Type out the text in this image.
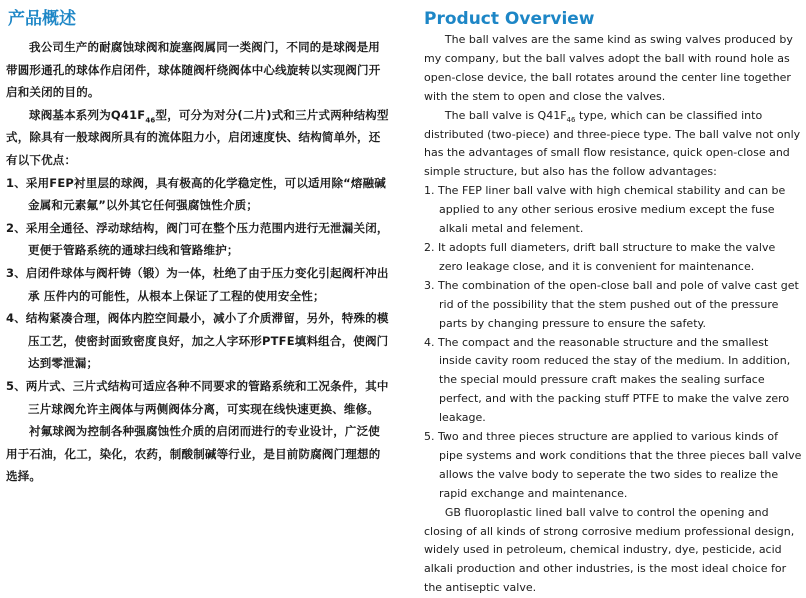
产品概述

我公司生产的耐腐蚀球阀和旋塞阀属同一类阀门，不同的是球阀是用带圆形通孔的球体作启闭件，球体随阀杆绕阀体中心线旋转以实现阀门开启和关闭的目的。

球阀基本系列为$Q41F_{46}$型，可分为对分(二片)式和三片式两种结构型式，除具有一般球阀所具有的流体阻力小，启闭速度快、结构简单外，还有以下优点：

1、采用FEP衬里层的球阀，具有极高的化学稳定性，可以适用除“熔融碱金属和元素氟”以外其它任何强腐蚀性介质；

2、采用全通径、浮动球结构，阀门可在整个压力范围内进行无泄漏关闭，更便于管路系统的通球扫线和管路维护；

3、启闭件球体与阀杆铸（锻）为一体，杜绝了由于压力变化引起阀杆冲出承 压件内的可能性，从根本上保证了工程的使用安全性；

4、结构紧凑合理，阀体内腔空间最小，减小了介质滞留，另外，特殊的模压工艺，使密封面致密度良好，加之人字环形PTFE填料组合，使阀门达到零泄漏；

5、两片式、三片式结构可适应各种不同要求的管路系统和工况条件，其中三片球阀允许主阀体与两侧阀体分离，可实现在线快速更换、维修。

衬氟球阀为控制各种强腐蚀性介质的启闭而进行的专业设计，广泛使用于石油，化工，染化，农药，制酸制碱等行业，是目前防腐阀门理想的选择。

Product Overview

The ball valves are the same kind as swing valves produced by my company, but the ball valves adopt the ball with round hole as open-close device, the ball rotates around the center line together with the stem to open and close the valves.

The ball valve is $Q41F_{46}$ type, which can be classified into distributed (two-piece) and three-piece type. The ball valve not only has the advantages of small flow resistance, quick open-close and simple structure, but also has the follow advantages:

1. The FEP liner ball valve with high chemical stability and can be applied to any other serious erosive medium except the fuse alkali metal and felement.

2. It adopts full diameters, drift ball structure to make the valve zero leakage close, and it is convenient for maintenance.

3. The combination of the open-close ball and pole of valve cast get rid of the possibility that the stem pushed out of the pressure parts by changing pressure to ensure the safety.

4. The compact and the reasonable structure and the smallest inside cavity room reduced the stay of the medium. In addition, the special mould pressure craft makes the sealing surface perfect, and with the packing stuff PTFE to make the valve zero leakage.

5. Two and three pieces structure are applied to various kinds of pipe systems and work conditions that the three pieces ball valve allows the valve body to seperate the two sides to realize the rapid exchange and maintenance.

GB fluoroplastic lined ball valve to control the opening and closing of all kinds of strong corrosive medium professional design, widely used in petroleum, chemical industry, dye, pesticide, acid alkali production and other industries, is the most ideal choice for the antiseptic valve.
